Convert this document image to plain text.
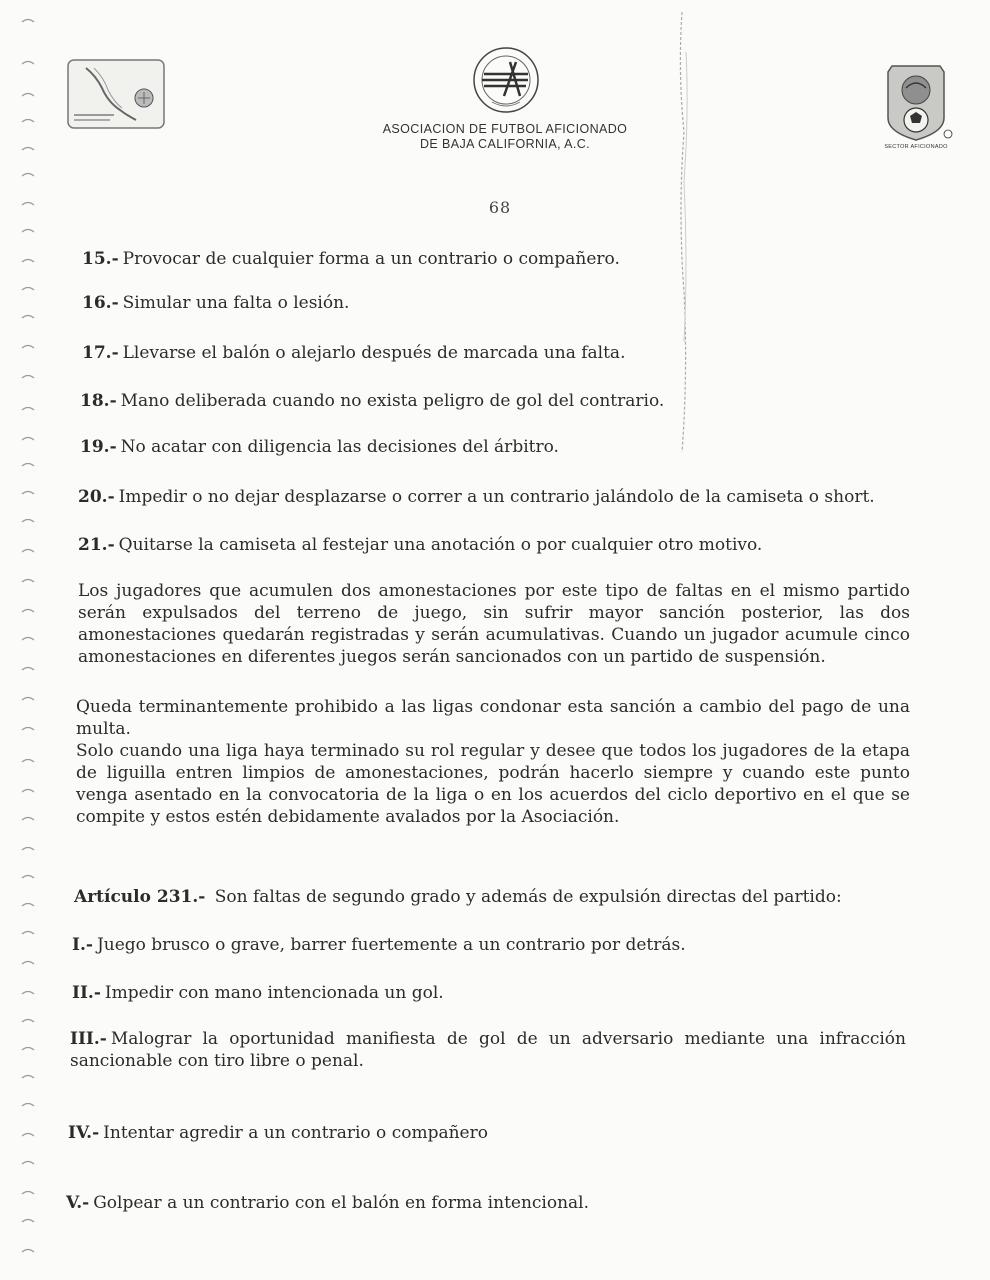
ASOCIACION DE FUTBOL AFICIONADO
DE BAJA CALIFORNIA, A.C.	SECTOR AFICIONADO
68
15.- Provocar de cualquier forma a un contrario o compañero.
16.- Simular una falta o lesión.
17.- Llevarse el balón o alejarlo después de marcada una falta.
18.- Mano deliberada cuando no exista peligro de gol del contrario.
19.- No acatar con diligencia las decisiones del árbitro.
20.- Impedir o no dejar desplazarse o correr a un contrario jalándolo de la camiseta o short.
21.- Quitarse la camiseta al festejar una anotación o por cualquier otro motivo.
Los jugadores que acumulen dos amonestaciones por este tipo de faltas en el mismo partido serán expulsados del terreno de juego, sin sufrir mayor sanción posterior, las dos amonestaciones quedarán registradas y serán acumulativas. Cuando un jugador acumule cinco amonestaciones en diferentes juegos serán sancionados con un partido de suspensión.
Queda terminantemente prohibido a las ligas condonar esta sanción a cambio del pago de una multa.
Solo cuando una liga haya terminado su rol regular y desee que todos los jugadores de la etapa de liguilla entren limpios de amonestaciones, podrán hacerlo siempre y cuando este punto venga asentado en la convocatoria de la liga o en los acuerdos del ciclo deportivo en el que se compite y estos estén debidamente avalados por la Asociación.
Artículo 231.- Son faltas de segundo grado y además de expulsión directas del partido:
I.- Juego brusco o grave, barrer fuertemente a un contrario por detrás.
II.- Impedir con mano intencionada un gol.
III.- Malograr la oportunidad manifiesta de gol de un adversario mediante una infracción sancionable con tiro libre o penal.
IV.- Intentar agredir a un contrario o compañero
V.- Golpear a un contrario con el balón en forma intencional.
